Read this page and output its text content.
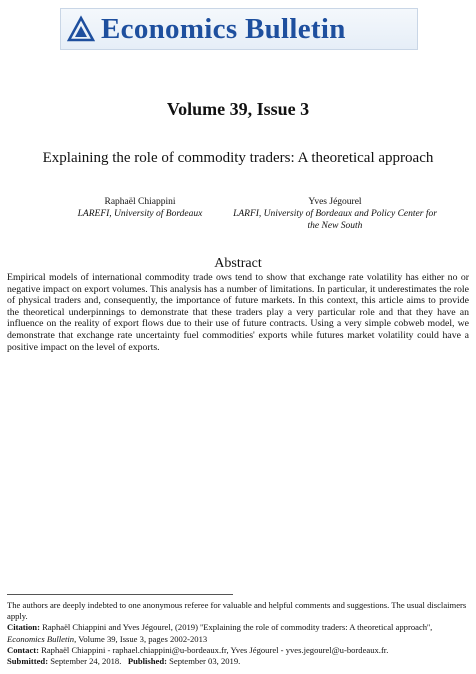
Economics Bulletin
Volume 39, Issue 3
Explaining the role of commodity traders: A theoretical approach
Raphaël Chiappini
LAREFI, University of Bordeaux
Yves Jégourel
LARFI, University of Bordeaux and Policy Center for the New South
Abstract
Empirical models of international commodity trade ows tend to show that exchange rate volatility has either no or negative impact on export volumes. This analysis has a number of limitations. In particular, it underestimates the role of physical traders and, consequently, the importance of future markets. In this context, this article aims to provide the theoretical underpinnings to demonstrate that these traders play a very particular role and that they have an influence on the reality of export flows due to their use of future contracts. Using a very simple cobweb model, we demonstrate that exchange rate uncertainty fuel commodities' exports while futures market volatility could have a positive impact on the level of exports.

The authors are deeply indebted to one anonymous referee for valuable and helpful comments and suggestions. The usual disclaimers apply.

Citation: Raphaël Chiappini and Yves Jégourel, (2019) ''Explaining the role of commodity traders: A theoretical approach'', Economics Bulletin, Volume 39, Issue 3, pages 2002-2013

Contact: Raphaël Chiappini - raphael.chiappini@u-bordeaux.fr, Yves Jégourel - yves.jegourel@u-bordeaux.fr.

Submitted: September 24, 2018. Published: September 03, 2019.
